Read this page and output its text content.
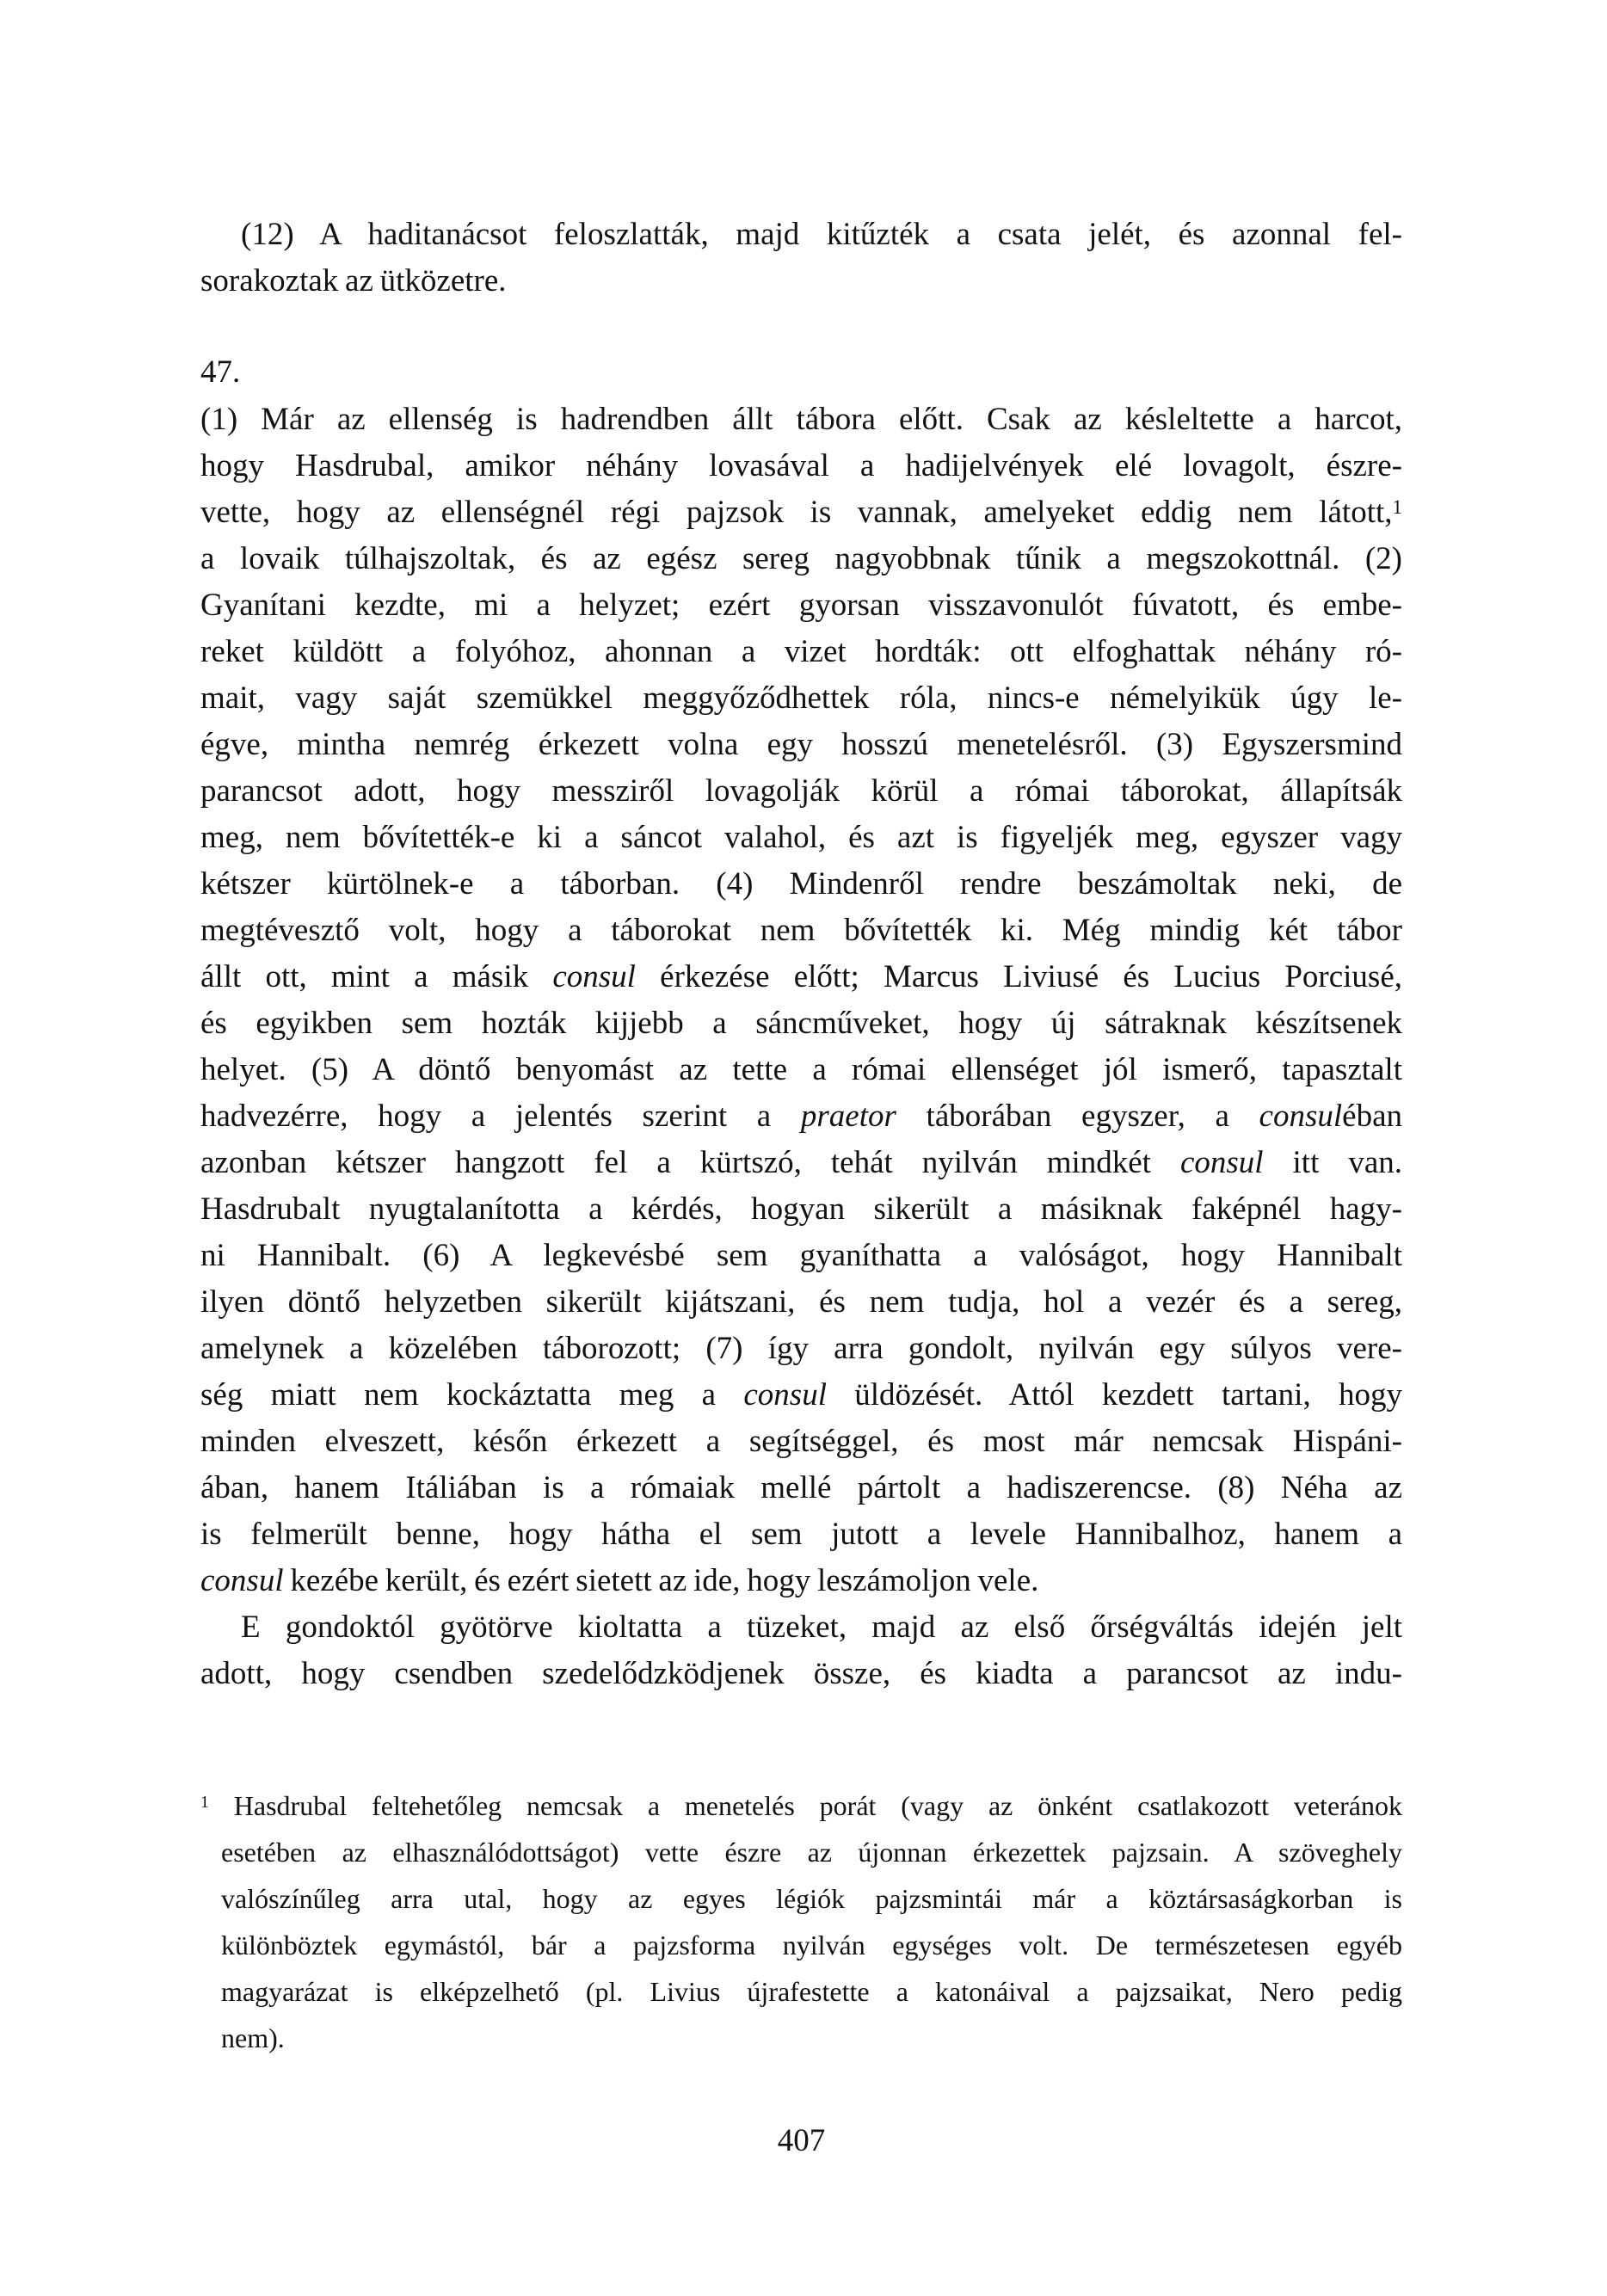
(12) A haditanácsot feloszlatták, majd kitűzték a csata jelét, és azonnal fel-
sorakoztak az ütközetre.
47.
(1) Már az ellenség is hadrendben állt tábora előtt. Csak az késleltette a harcot,
hogy Hasdrubal, amikor néhány lovasával a hadijelvények elé lovagolt, észre-
vette, hogy az ellenségnél régi pajzsok is vannak, amelyeket eddig nem látott,$^1$
a lovaik túlhajszoltak, és az egész sereg nagyobbnak tűnik a megszokottnál. (2)
Gyanítani kezdte, mi a helyzet; ezért gyorsan visszavonulót fúvatott, és embe-
reket küldött a folyóhoz, ahonnan a vizet hordták: ott elfoghattak néhány ró-
mait, vagy saját szemükkel meggyőződhettek róla, nincs-e némelyikük úgy le-
égve, mintha nemrég érkezett volna egy hosszú menetelésről. (3) Egyszersmind
parancsot adott, hogy messziről lovagolják körül a római táborokat, állapítsák
meg, nem bővítették-e ki a sáncot valahol, és azt is figyeljék meg, egyszer vagy
kétszer kürtölnek-e a táborban. (4) Mindenről rendre beszámoltak neki, de
megtévesztő volt, hogy a táborokat nem bővítették ki. Még mindig két tábor
állt ott, mint a másik consul érkezése előtt; Marcus Liviusé és Lucius Porciusé,
és egyikben sem hozták kijjebb a sáncműveket, hogy új sátraknak készítsenek
helyet. (5) A döntő benyomást az tette a római ellenséget jól ismerő, tapasztalt
hadvezérre, hogy a jelentés szerint a praetor táborában egyszer, a consuléban
azonban kétszer hangzott fel a kürtszó, tehát nyilván mindkét consul itt van.
Hasdrubalt nyugtalanította a kérdés, hogyan sikerült a másiknak faképnél hagy-
ni Hannibalt. (6) A legkevésbé sem gyaníthatta a valóságot, hogy Hannibalt
ilyen döntő helyzetben sikerült kijátszani, és nem tudja, hol a vezér és a sereg,
amelynek a közelében táborozott; (7) így arra gondolt, nyilván egy súlyos vere-
ség miatt nem kockáztatta meg a consul üldözését. Attól kezdett tartani, hogy
minden elveszett, későn érkezett a segítséggel, és most már nemcsak Hispáni-
ában, hanem Itáliában is a rómaiak mellé pártolt a hadiszerencse. (8) Néha az
is felmerült benne, hogy hátha el sem jutott a levele Hannibalhoz, hanem a
consul kezébe került, és ezért sietett az ide, hogy leszámoljon vele.
E gondoktól gyötörve kioltatta a tüzeket, majd az első őrségváltás idején jelt
adott, hogy csendben szedelődzködjenek össze, és kiadta a parancsot az indu-
$^1$ Hasdrubal feltehetőleg nemcsak a menetelés porát (vagy az önként csatlakozott veteránok
esetében az elhasználódottságot) vette észre az újonnan érkezettek pajzsain. A szöveghely
valószínűleg arra utal, hogy az egyes légiók pajzsmintái már a köztársaságkorban is
különböztek egymástól, bár a pajzsforma nyilván egységes volt. De természetesen egyéb
magyarázat is elképzelhető (pl. Livius újrafestette a katonáival a pajzsaikat, Nero pedig
nem).
407
